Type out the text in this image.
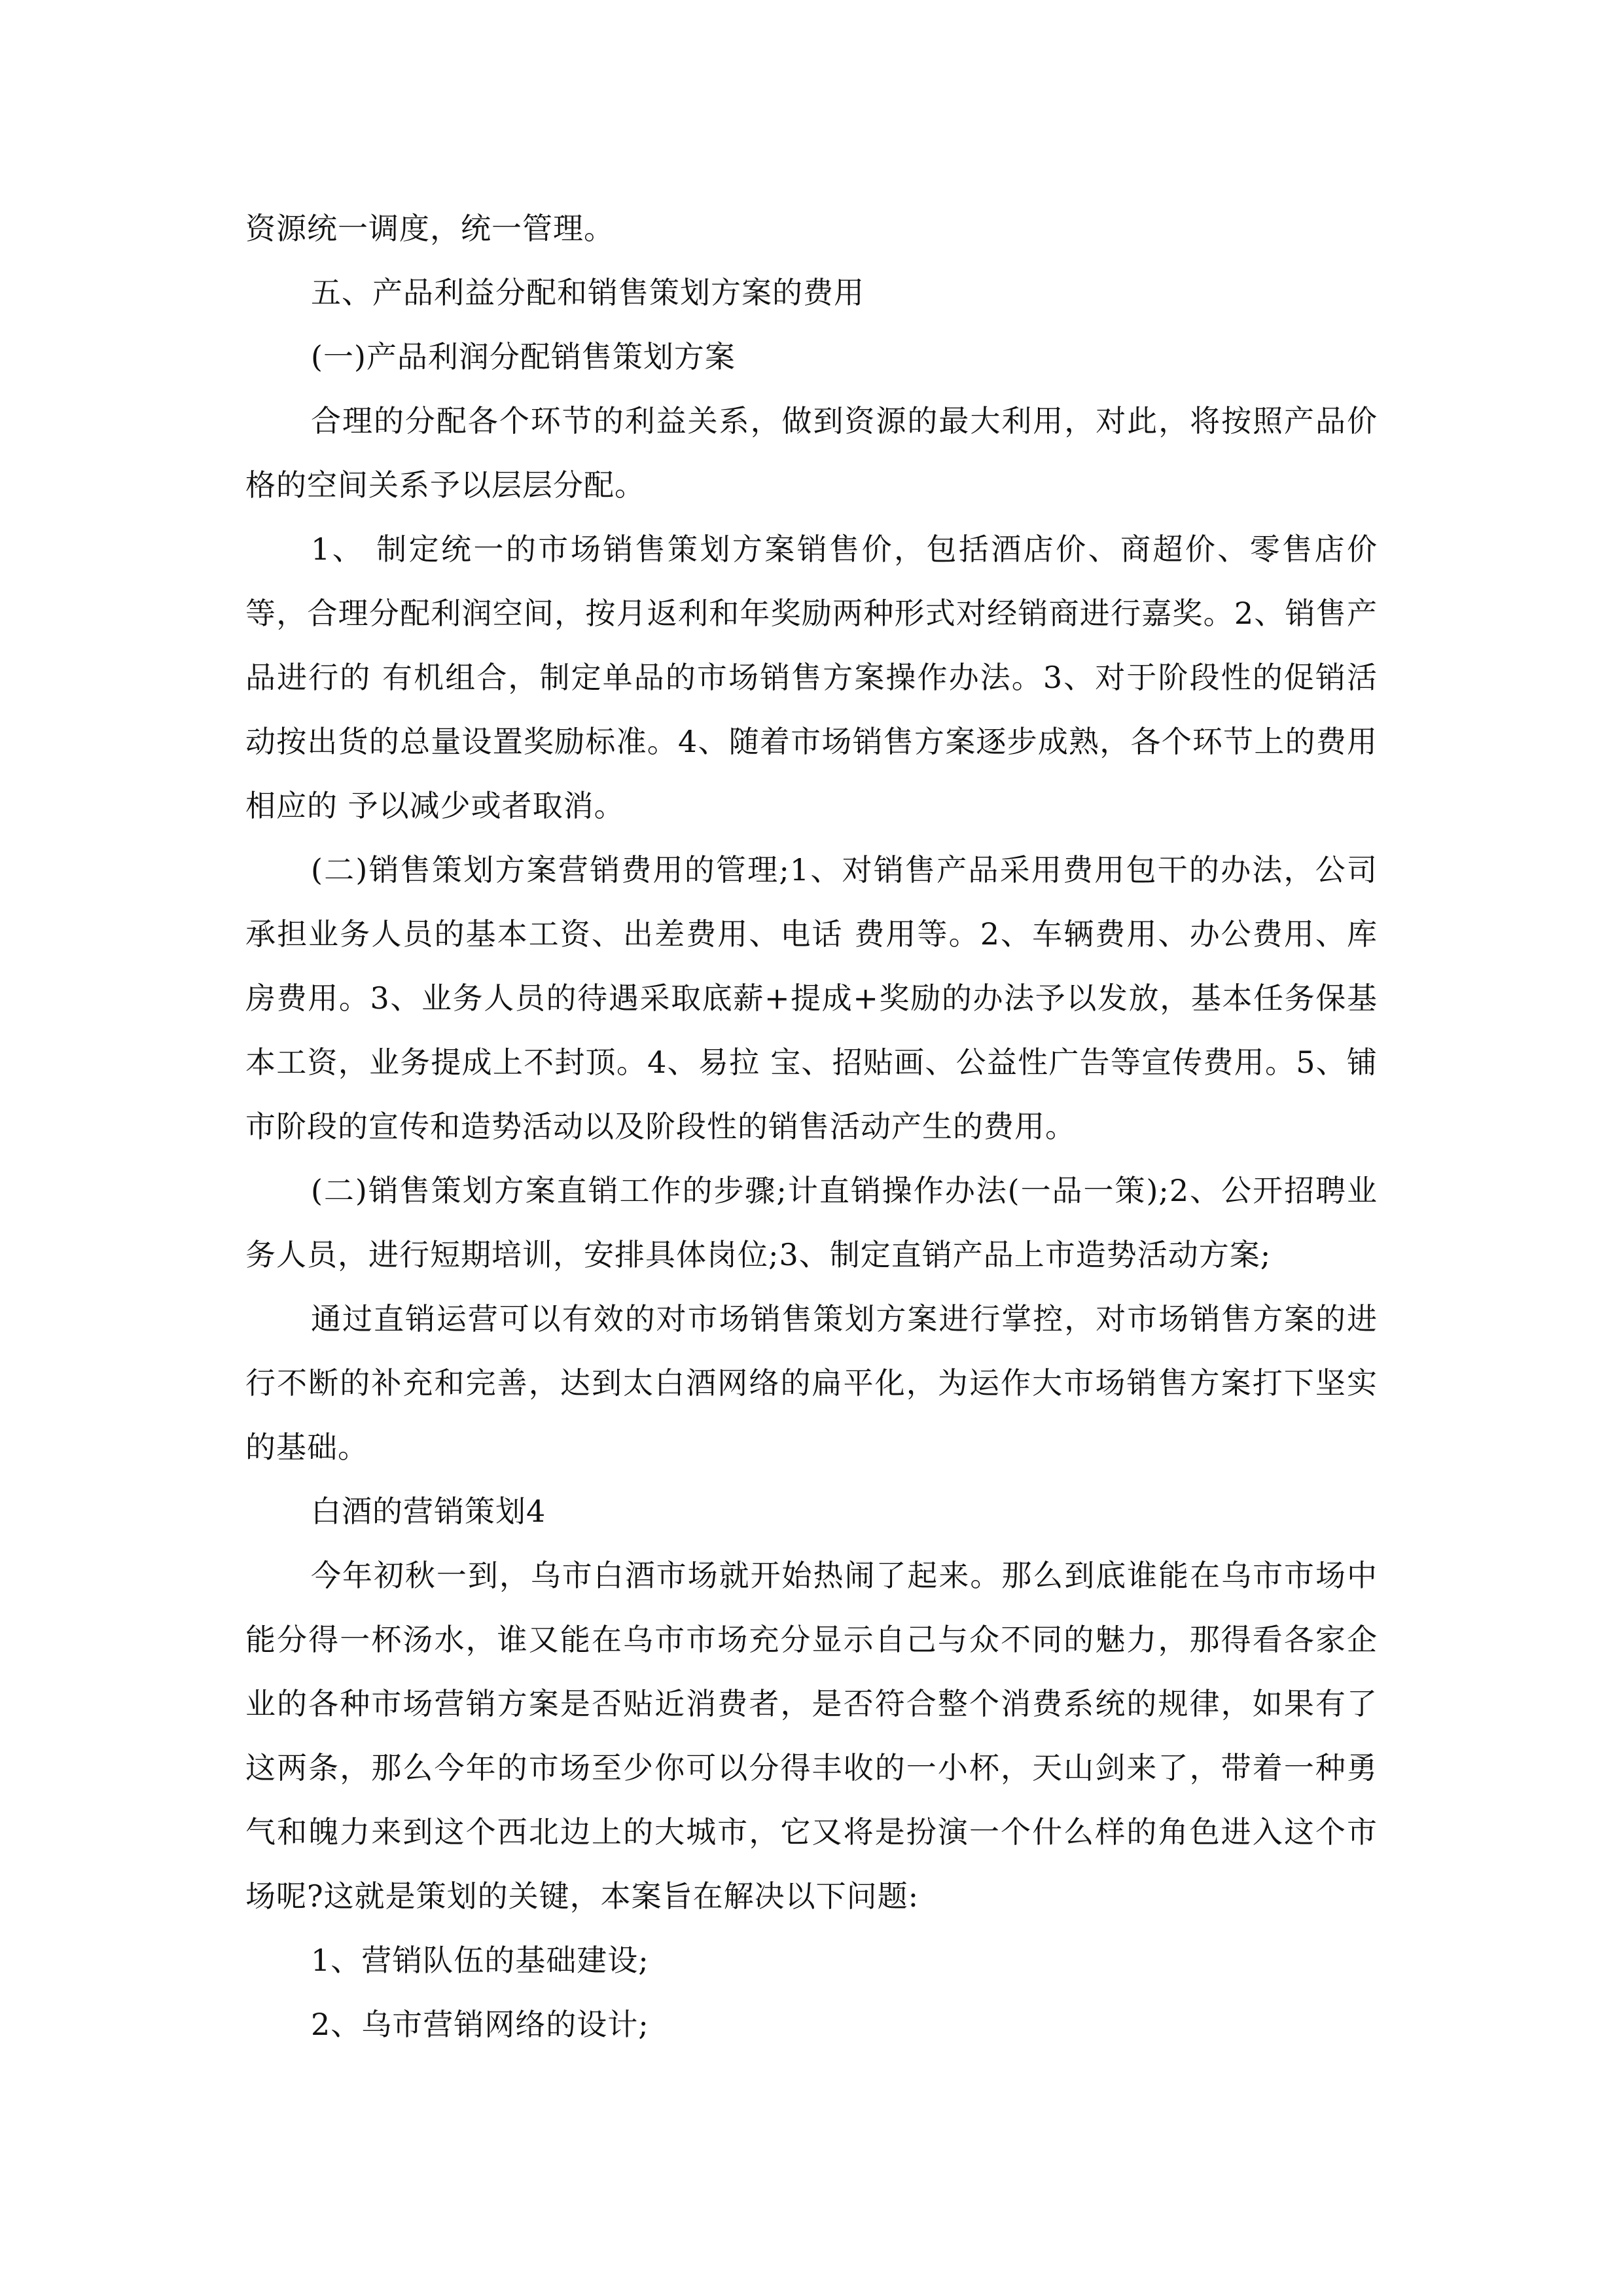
资源统一调度，统一管理。

五、产品利益分配和销售策划方案的费用

(一)产品利润分配销售策划方案

合理的分配各个环节的利益关系，做到资源的最大利用，对此，将按照产品价格的空间关系予以层层分配。

1、 制定统一的市场销售策划方案销售价，包括酒店价、商超价、零售店价等，合理分配利润空间，按月返利和年奖励两种形式对经销商进行嘉奖。2、销售产品进行的 有机组合，制定单品的市场销售方案操作办法。3、对于阶段性的促销活动按出货的总量设置奖励标准。4、随着市场销售方案逐步成熟，各个环节上的费用相应的 予以减少或者取消。

(二)销售策划方案营销费用的管理;1、对销售产品采用费用包干的办法，公司承担业务人员的基本工资、出差费用、电话 费用等。2、车辆费用、办公费用、库房费用。3、业务人员的待遇采取底薪+提成+奖励的办法予以发放，基本任务保基本工资，业务提成上不封顶。4、易拉 宝、招贴画、公益性广告等宣传费用。5、铺市阶段的宣传和造势活动以及阶段性的销售活动产生的费用。

(二)销售策划方案直销工作的步骤;计直销操作办法(一品一策);2、公开招聘业务人员，进行短期培训，安排具体岗位;3、制定直销产品上市造势活动方案;

通过直销运营可以有效的对市场销售策划方案进行掌控，对市场销售方案的进行不断的补充和完善，达到太白酒网络的扁平化，为运作大市场销售方案打下坚实的基础。

白酒的营销策划4

今年初秋一到，乌市白酒市场就开始热闹了起来。那么到底谁能在乌市市场中能分得一杯汤水，谁又能在乌市市场充分显示自己与众不同的魅力，那得看各家企业的各种市场营销方案是否贴近消费者，是否符合整个消费系统的规律，如果有了这两条，那么今年的市场至少你可以分得丰收的一小杯，天山剑来了，带着一种勇气和魄力来到这个西北边上的大城市，它又将是扮演一个什么样的角色进入这个市场呢?这就是策划的关键，本案旨在解决以下问题:

1、营销队伍的基础建设;

2、乌市营销网络的设计;
